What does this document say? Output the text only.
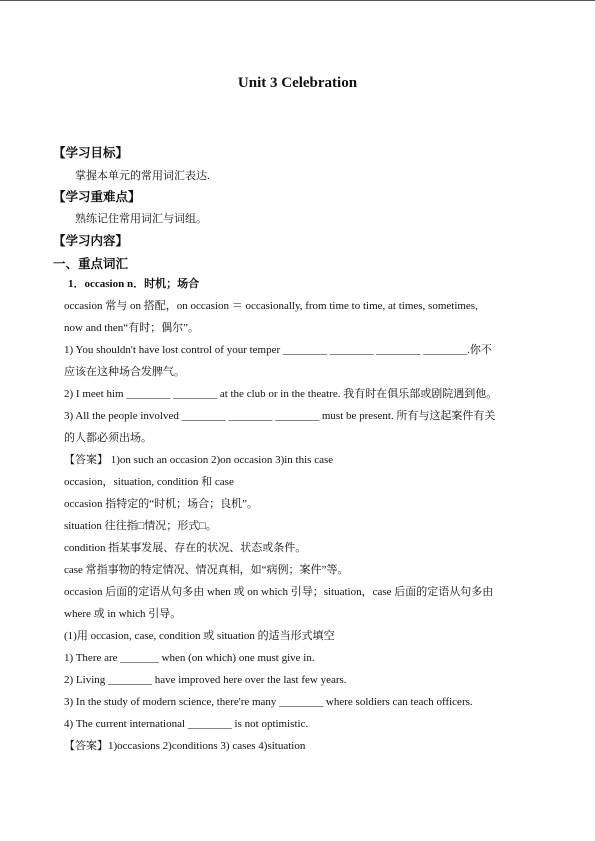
Unit 3 Celebration
【学习目标】
掌握本单元的常用词汇表达.
【学习重难点】
熟练记住常用词汇与词组。
【学习内容】
一、重点词汇
1．occasion n．时机；场合
occasion 常与 on 搭配，on occasion ＝ occasionally, from time to time, at times, sometimes,
now and then“有时；偶尔”。
1) You shouldn't have lost control of your temper ________ ________ ________ ________.你不
应该在这种场合发脾气。
2) I meet him ________ ________ at the club or in the theatre. 我有时在俱乐部或剧院遇到他。
3) All the people involved ________ ________ ________ must be present. 所有与这起案件有关
的人都必须出场。
【答案】 1)on such an occasion 2)on occasion 3)in this case
occasion，situation, condition 和 case
occasion 指特定的“时机；场合；良机”。
situation 往往指□情况；形式□。
condition 指某事发展、存在的状况、状态或条件。
case 常指事物的特定情况、情况真相，如“病例；案件”等。
occasion 后面的定语从句多由 when 或 on which 引导；situation，case 后面的定语从句多由
where 或 in which 引导。
(1)用 occasion, case, condition 或 situation 的适当形式填空
1) There are _______ when (on which) one must give in.
2) Living ________ have improved here over the last few years.
3) In the study of modern science, there're many ________ where soldiers can teach officers.
4) The current international ________ is not optimistic.
【答案】1)occasions 2)conditions 3) cases 4)situation
